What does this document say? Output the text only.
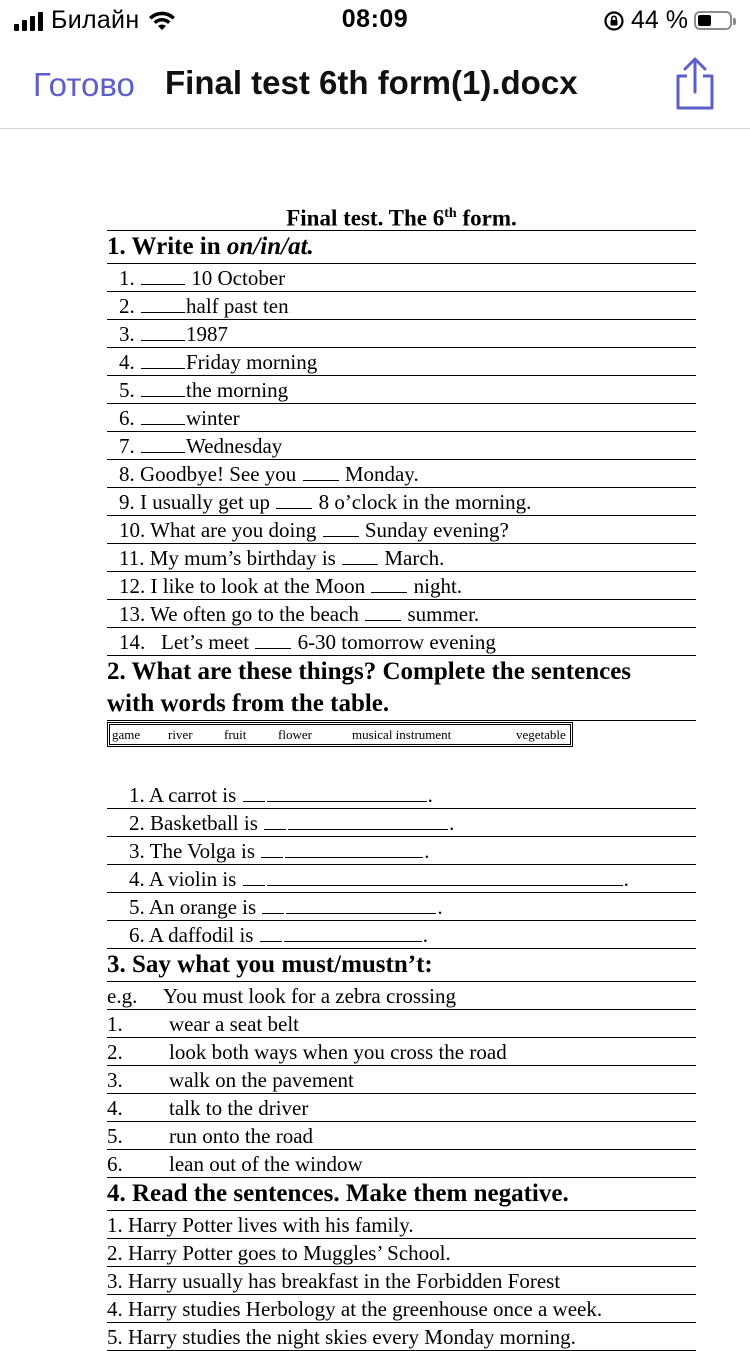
Билайн	08:09	44 %
Готово Final test 6th form(1).docx
Final test. The 6th form.
1. Write in on/in/at.
1.  10 October
2. half past ten
3. 1987
4. Friday morning
5. the morning
6. winter
7. Wednesday
8. Goodbye! See you Monday.
9. I usually get up 8 o’clock in the morning.
10. What are you doing Sunday evening?
11. My mum’s birthday is March.
12. I like to look at the Moon night.
13. We often go to the beach summer.
14. Let’s meet 6-30 tomorrow evening
2. What are these things? Complete the sentences
with words from the table.
game	river	fruit	flower	musical instrument	vegetable
1. A carrot is	.
2. Basketball is	.
3. The Volga is	.
4. A violin is	.
5. An orange is	.
6. A daffodil is	.
3. Say what you must/mustn’t:
e.g.	You must look for a zebra crossing
1.	wear a seat belt
2.	look both ways when you cross the road
3.	walk on the pavement
4.	talk to the driver
5.	run onto the road
6.	lean out of the window
4. Read the sentences. Make them negative.
1. Harry Potter lives with his family.
2. Harry Potter goes to Muggles’ School.
3. Harry usually has breakfast in the Forbidden Forest
4. Harry studies Herbology at the greenhouse once a week.
5. Harry studies the night skies every Monday morning.
